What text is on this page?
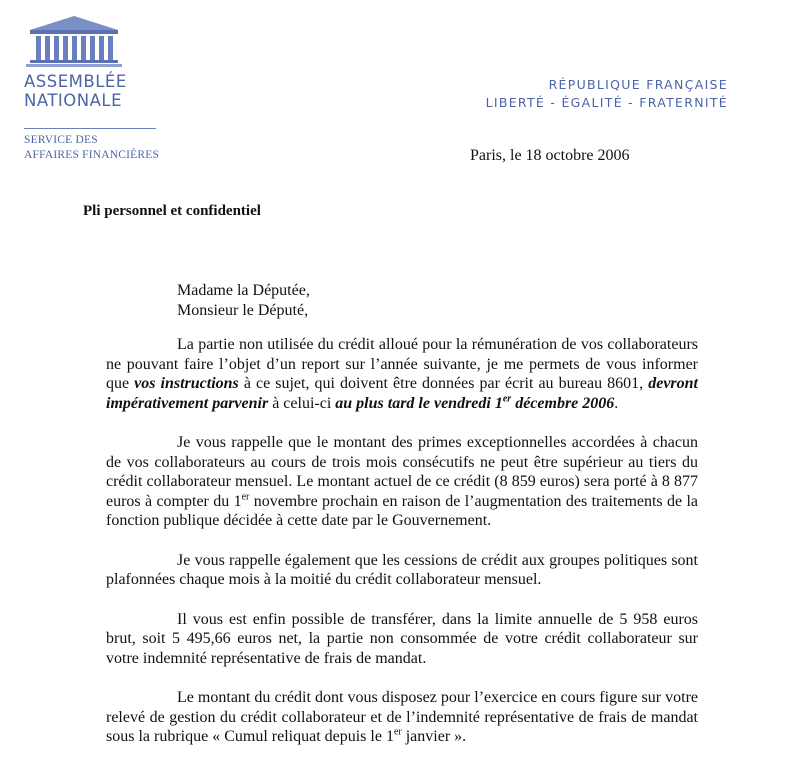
ASSEMBLÉE
NATIONALE
SERVICE DES
AFFAIRES FINANCIÈRES
RÉPUBLIQUE FRANÇAISE
LIBERTÉ - ÉGALITÉ - FRATERNITÉ
Paris, le 18 octobre 2006
Pli personnel et confidentiel
Madame la Députée,
Monsieur le Député,

La partie non utilisée du crédit alloué pour la rémunération de vos collaborateurs ne pouvant faire l’objet d’un report sur l’année suivante, je me permets de vous informer que vos instructions à ce sujet, qui doivent être données par écrit au bureau 8601, devront impérativement parvenir à celui-ci au plus tard le vendredi 1er décembre 2006.

Je vous rappelle que le montant des primes exceptionnelles accordées à chacun de vos collaborateurs au cours de trois mois consécutifs ne peut être supérieur au tiers du crédit collaborateur mensuel. Le montant actuel de ce crédit (8 859 euros) sera porté à 8 877 euros à compter du 1er novembre prochain en raison de l’augmentation des traitements de la fonction publique décidée à cette date par le Gouvernement.

Je vous rappelle également que les cessions de crédit aux groupes politiques sont plafonnées chaque mois à la moitié du crédit collaborateur mensuel.

Il vous est enfin possible de transférer, dans la limite annuelle de 5 958 euros brut, soit 5 495,66 euros net, la partie non consommée de votre crédit collaborateur sur votre indemnité représentative de frais de mandat.

Le montant du crédit dont vous disposez pour l’exercice en cours figure sur votre relevé de gestion du crédit collaborateur et de l’indemnité représentative de frais de mandat sous la rubrique « Cumul reliquat depuis le 1er janvier ».
